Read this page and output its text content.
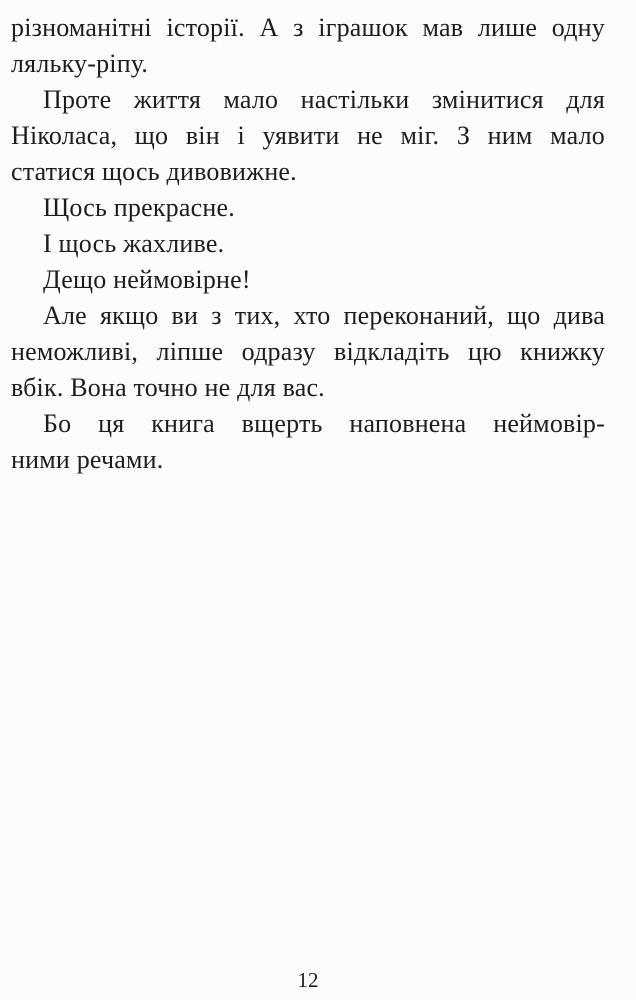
різноманітні історії. А з іграшок мав лише одну
ляльку-ріпу.
Проте життя мало настільки змінитися для
Ніколаса, що він і уявити не міг. З ним мало
статися щось дивовижне.
Щось прекрасне.
І щось жахливе.
Дещо неймовірне!
Але якщо ви з тих, хто переконаний, що дива
неможливі, ліпше одразу відкладіть цю книжку
вбік. Вона точно не для вас.
Бо ця книга вщерть наповнена неймовір-
ними речами.
12
